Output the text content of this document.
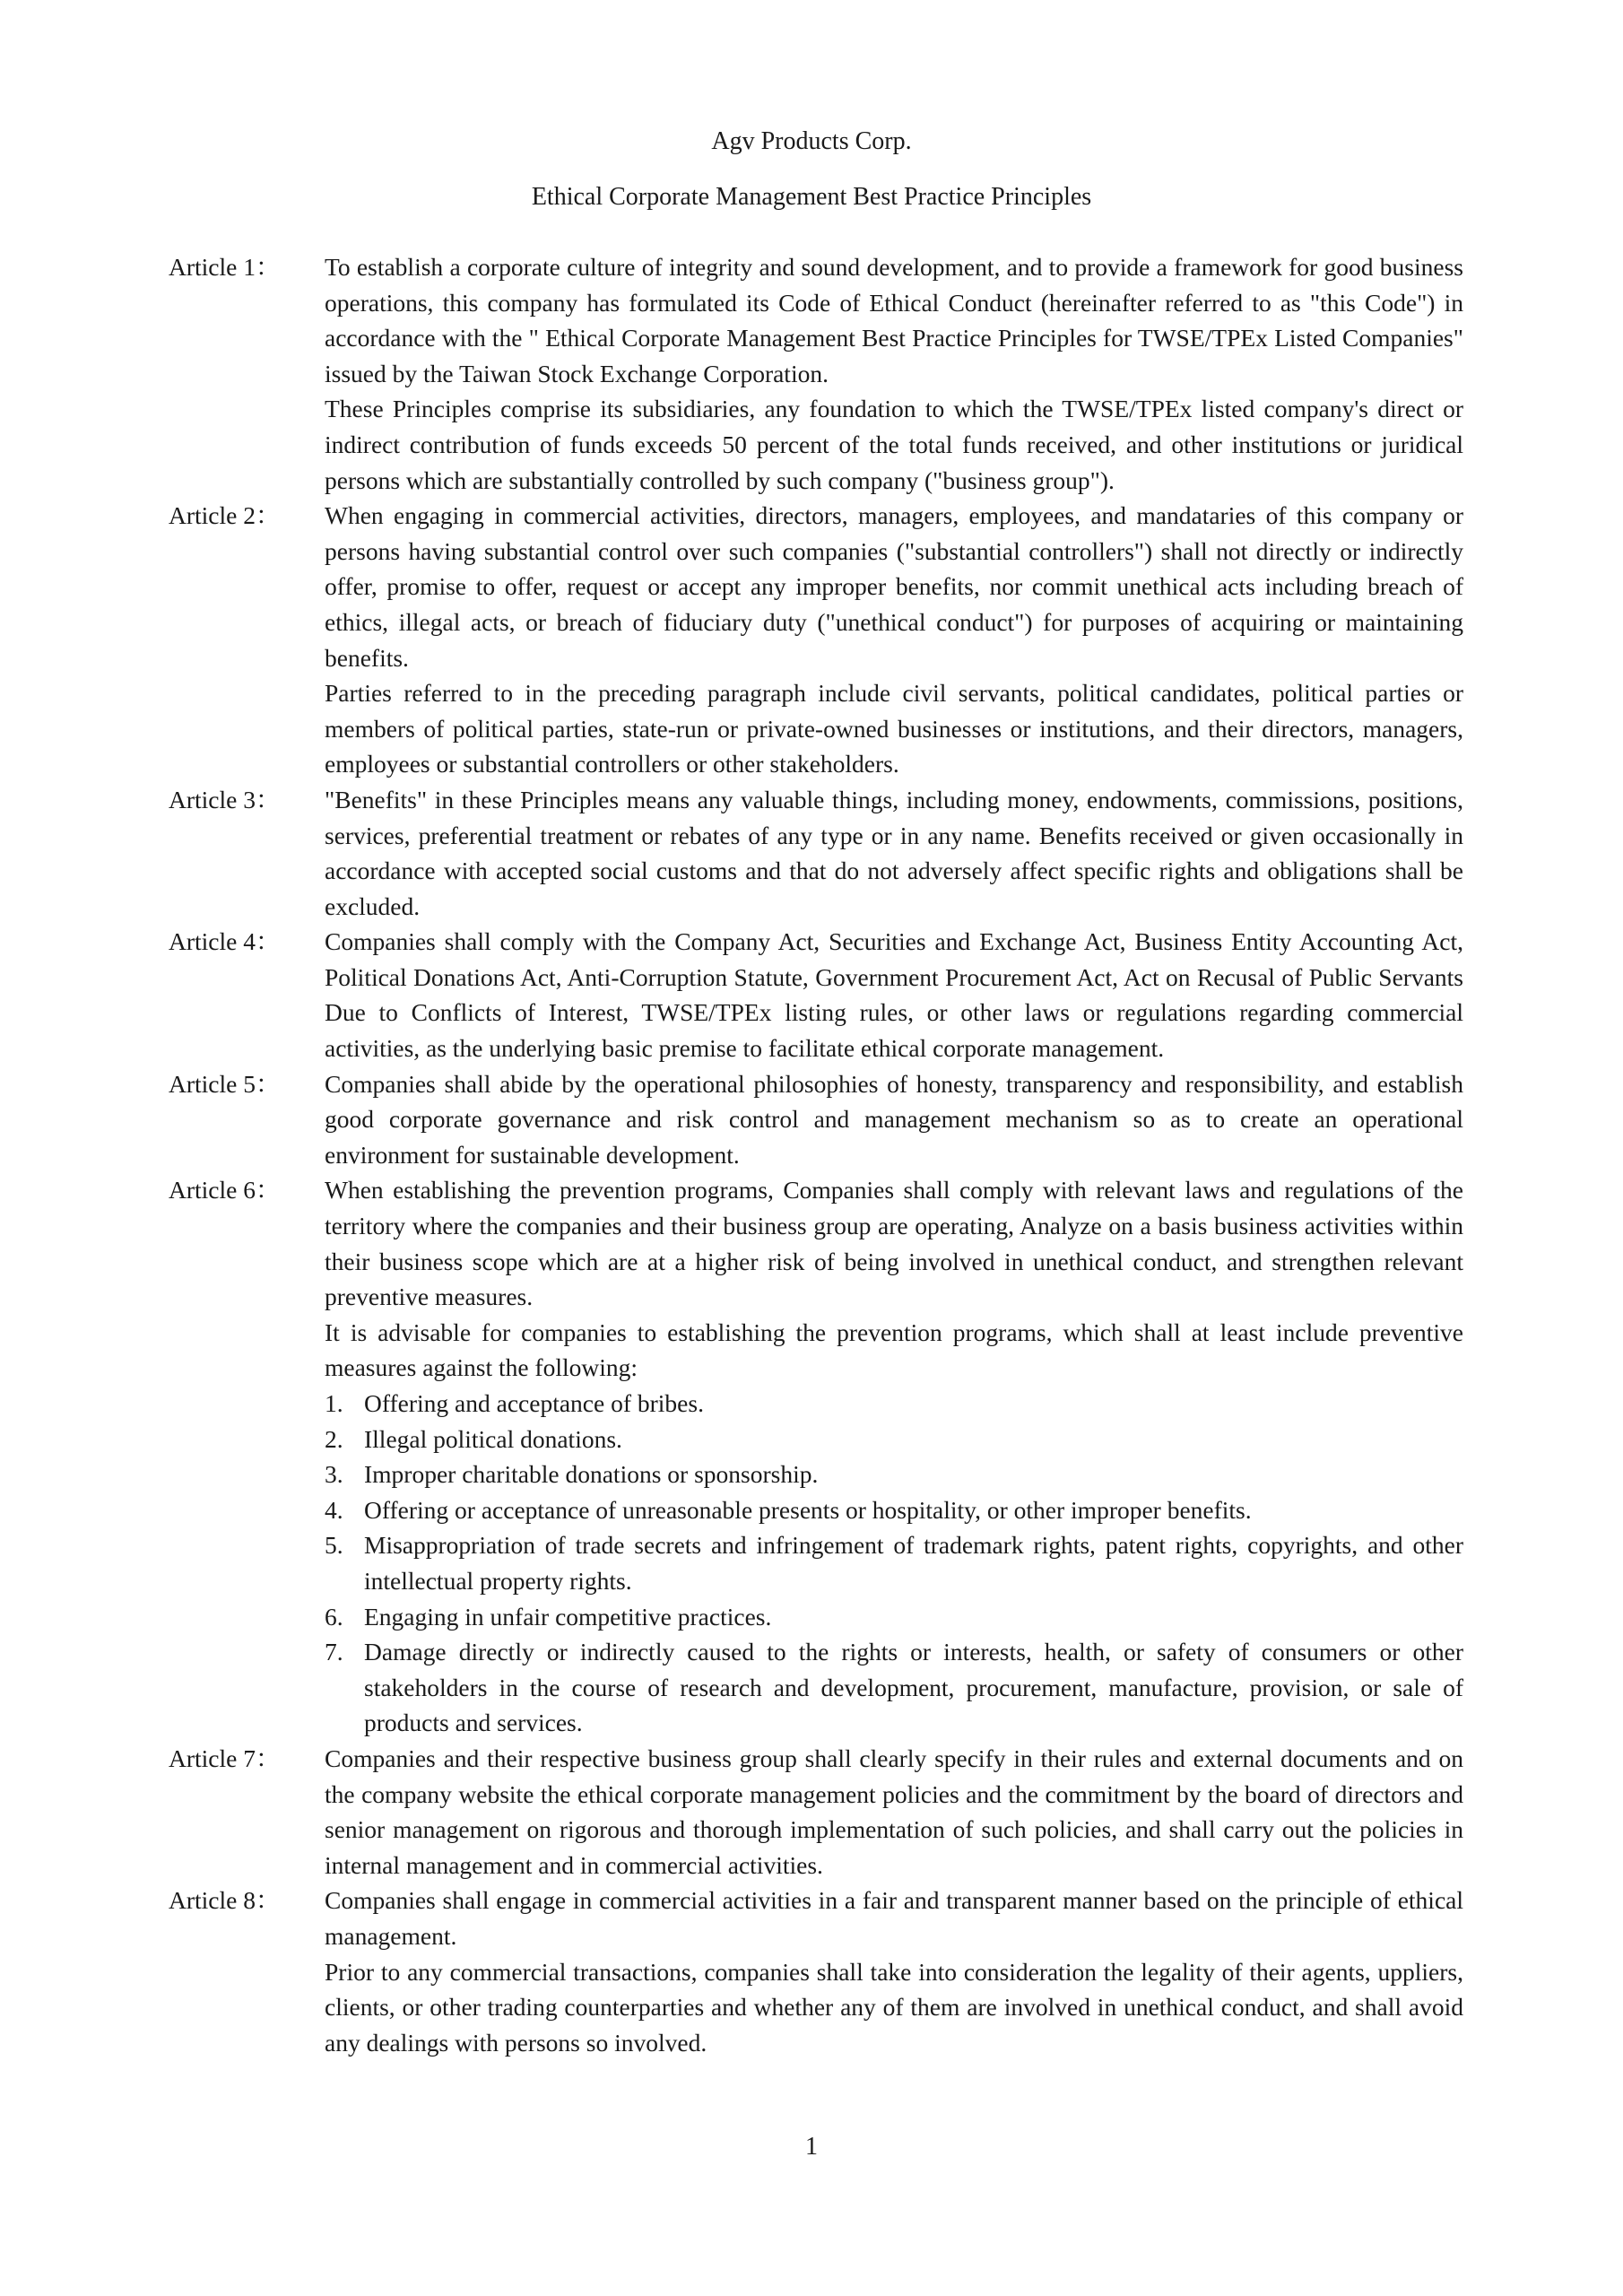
Agv Products Corp.
Ethical Corporate Management Best Practice Principles
Article 1：	To establish a corporate culture of integrity and sound development, and to provide a framework for good business operations, this company has formulated its Code of Ethical Conduct (hereinafter referred to as "this Code") in accordance with the " Ethical Corporate Management Best Practice Principles for TWSE/TPEx Listed Companies" issued by the Taiwan Stock Exchange Corporation.

These Principles comprise its subsidiaries, any foundation to which the TWSE/TPEx listed company's direct or indirect contribution of funds exceeds 50 percent of the total funds received, and other institutions or juridical persons which are substantially controlled by such company ("business group").

Article 2：	When engaging in commercial activities, directors, managers, employees, and mandataries of this company or persons having substantial control over such companies ("substantial controllers") shall not directly or indirectly offer, promise to offer, request or accept any improper benefits, nor commit unethical acts including breach of ethics, illegal acts, or breach of fiduciary duty ("unethical conduct") for purposes of acquiring or maintaining benefits.

Parties referred to in the preceding paragraph include civil servants, political candidates, political parties or members of political parties, state-run or private-owned businesses or institutions, and their directors, managers, employees or substantial controllers or other stakeholders.

Article 3：	"Benefits" in these Principles means any valuable things, including money, endowments, commissions, positions, services, preferential treatment or rebates of any type or in any name. Benefits received or given occasionally in accordance with accepted social customs and that do not adversely affect specific rights and obligations shall be excluded.

Article 4：	Companies shall comply with the Company Act, Securities and Exchange Act, Business Entity Accounting Act, Political Donations Act, Anti-Corruption Statute, Government Procurement Act, Act on Recusal of Public Servants Due to Conflicts of Interest, TWSE/TPEx listing rules, or other laws or regulations regarding commercial activities, as the underlying basic premise to facilitate ethical corporate management.

Article 5：	Companies shall abide by the operational philosophies of honesty, transparency and responsibility, and establish good corporate governance and risk control and management mechanism so as to create an operational environment for sustainable development.

Article 6：	When establishing the prevention programs, Companies shall comply with relevant laws and regulations of the territory where the companies and their business group are operating, Analyze on a basis business activities within their business scope which are at a higher risk of being involved in unethical conduct, and strengthen relevant preventive measures.

It is advisable for companies to establishing the prevention programs, which shall at least include preventive measures against the following:

1. Offering and acceptance of bribes.
2. Illegal political donations.
3. Improper charitable donations or sponsorship.
4. Offering or acceptance of unreasonable presents or hospitality, or other improper benefits.
5. Misappropriation of trade secrets and infringement of trademark rights, patent rights, copyrights, and other intellectual property rights.
6. Engaging in unfair competitive practices.
7. Damage directly or indirectly caused to the rights or interests, health, or safety of consumers or other stakeholders in the course of research and development, procurement, manufacture, provision, or sale of products and services.
Article 7：	Companies and their respective business group shall clearly specify in their rules and external documents and on the company website the ethical corporate management policies and the commitment by the board of directors and senior management on rigorous and thorough implementation of such policies, and shall carry out the policies in internal management and in commercial activities.

Article 8：	Companies shall engage in commercial activities in a fair and transparent manner based on the principle of ethical management.

Prior to any commercial transactions, companies shall take into consideration the legality of their agents, uppliers, clients, or other trading counterparties and whether any of them are involved in unethical conduct, and shall avoid any dealings with persons so involved.

1
